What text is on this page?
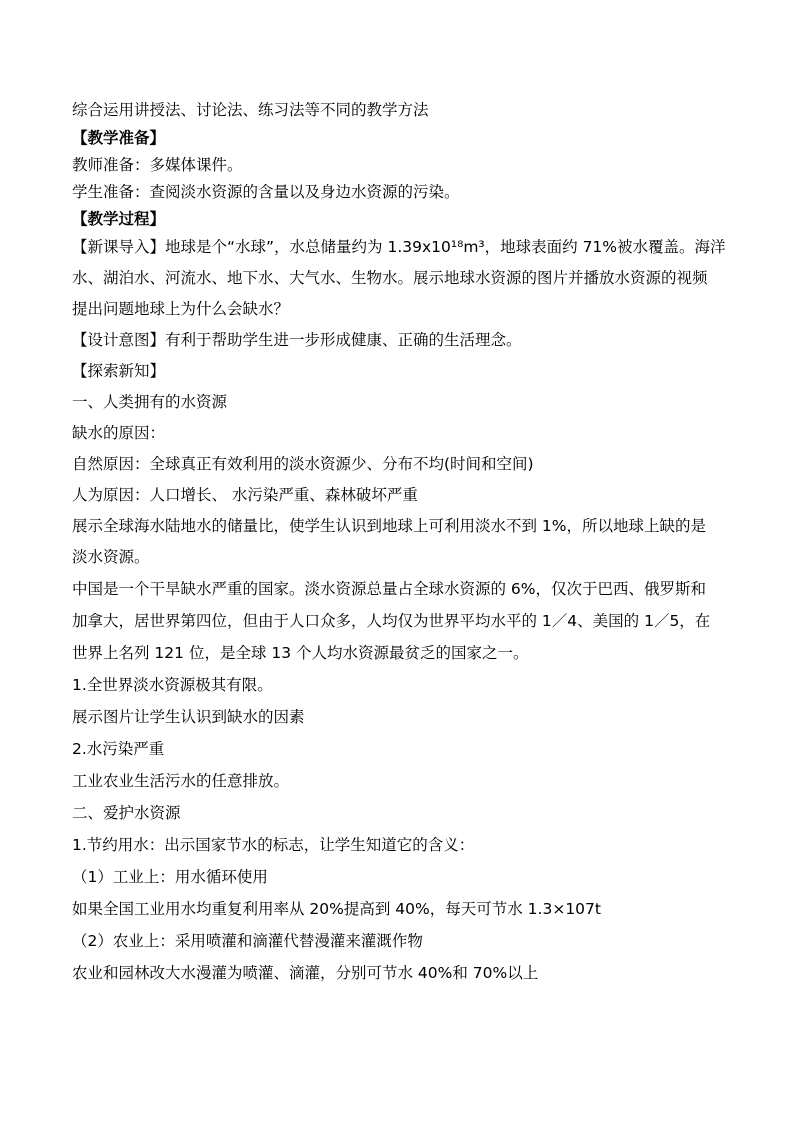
综合运用讲授法、讨论法、练习法等不同的教学方法

【教学准备】

教师准备：多媒体课件。

学生准备：查阅淡水资源的含量以及身边水资源的污染。

【教学过程】

【新课导入】地球是个“水球”，水总储量约为 1.39x10¹⁸m³，地球表面约 71%被水覆盖。海洋

水、湖泊水、河流水、地下水、大气水、生物水。展示地球水资源的图片并播放水资源的视频

提出问题地球上为什么会缺水？

【设计意图】有利于帮助学生进一步形成健康、正确的生活理念。

【探索新知】

一、人类拥有的水资源

缺水的原因：

自然原因：全球真正有效利用的淡水资源少、分布不均(时间和空间)

人为原因：人口增长、 水污染严重、森林破坏严重

展示全球海水陆地水的储量比，使学生认识到地球上可利用淡水不到 1%，所以地球上缺的是

淡水资源。

中国是一个干旱缺水严重的国家。淡水资源总量占全球水资源的 6%，仅次于巴西、俄罗斯和

加拿大，居世界第四位，但由于人口众多，人均仅为世界平均水平的 1／4、美国的 1／5，在

世界上名列 121 位，是全球 13 个人均水资源最贫乏的国家之一。

1.全世界淡水资源极其有限。

展示图片让学生认识到缺水的因素

2.水污染严重

工业农业生活污水的任意排放。

二、爱护水资源

1.节约用水：出示国家节水的标志，让学生知道它的含义：

（1）工业上：用水循环使用

如果全国工业用水均重复利用率从 20%提高到 40%，每天可节水 1.3×107t

（2）农业上：采用喷灌和滴灌代替漫灌来灌溉作物

农业和园林改大水漫灌为喷灌、滴灌，分别可节水 40%和 70%以上
